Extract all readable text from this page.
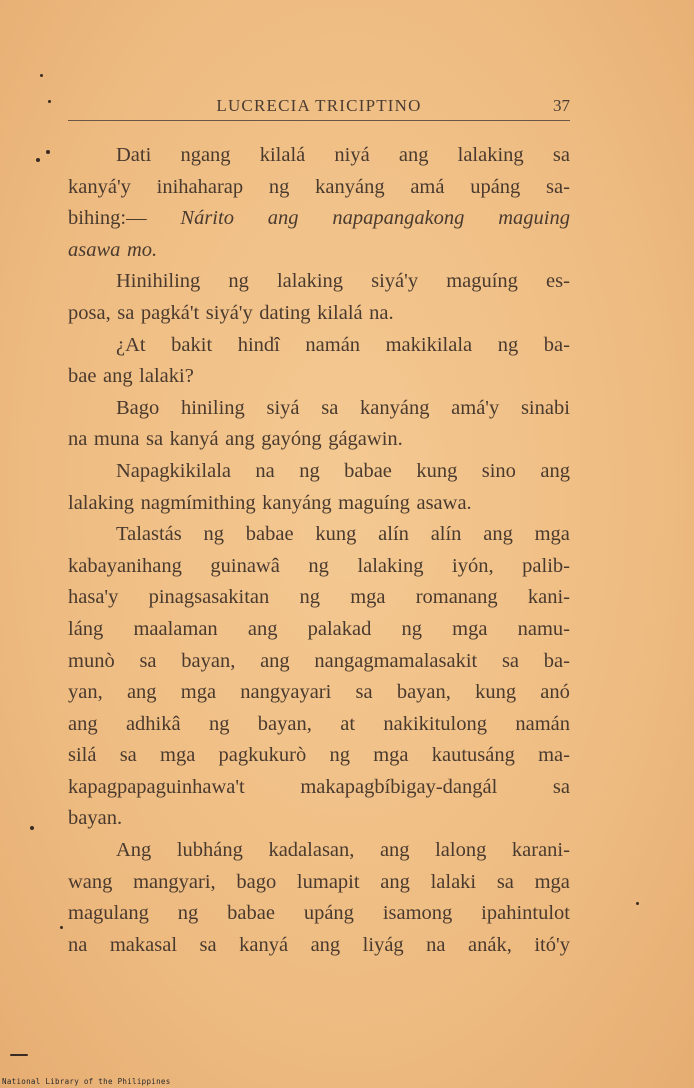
LUCRECIA TRICIPTINO	37
Dati ngang kilalá niyá ang lalaking sa
kanyá'y inihaharap ng kanyáng amá upáng sa-
bihing:— Nárito ang napapangakong maguing
asawa mo.
Hinihiling ng lalaking siyá'y maguíng es-
posa, sa pagká't siyá'y dating kilalá na.
¿At bakit hindî namán makikilala ng ba-
bae ang lalaki?
Bago hiniling siyá sa kanyáng amá'y sinabi
na muna sa kanyá ang gayóng gágawin.
Napagkikilala na ng babae kung sino ang
lalaking nagmímithing kanyáng maguíng asawa.
Talastás ng babae kung alín alín ang mga
kabayanihang guinawâ ng lalaking iyón, palib-
hasa'y pinagsasakitan ng mga romanang kani-
láng maalaman ang palakad ng mga namu-
munò sa bayan, ang nangagmamalasakit sa ba-
yan, ang mga nangyayari sa bayan, kung anó
ang adhikâ ng bayan, at nakikitulong namán
silá sa mga pagkukurò ng mga kautusáng ma-
kapagpapaguinhawa't	makapagbíbigay-dangál	sa
bayan.
Ang lubháng kadalasan, ang lalong karani-
wang mangyari, bago lumapit ang lalaki sa mga
magulang ng babae upáng isamong ipahintulot
na makasal sa kanyá ang liyág na anák, itó'y
National Library of the Philippines
